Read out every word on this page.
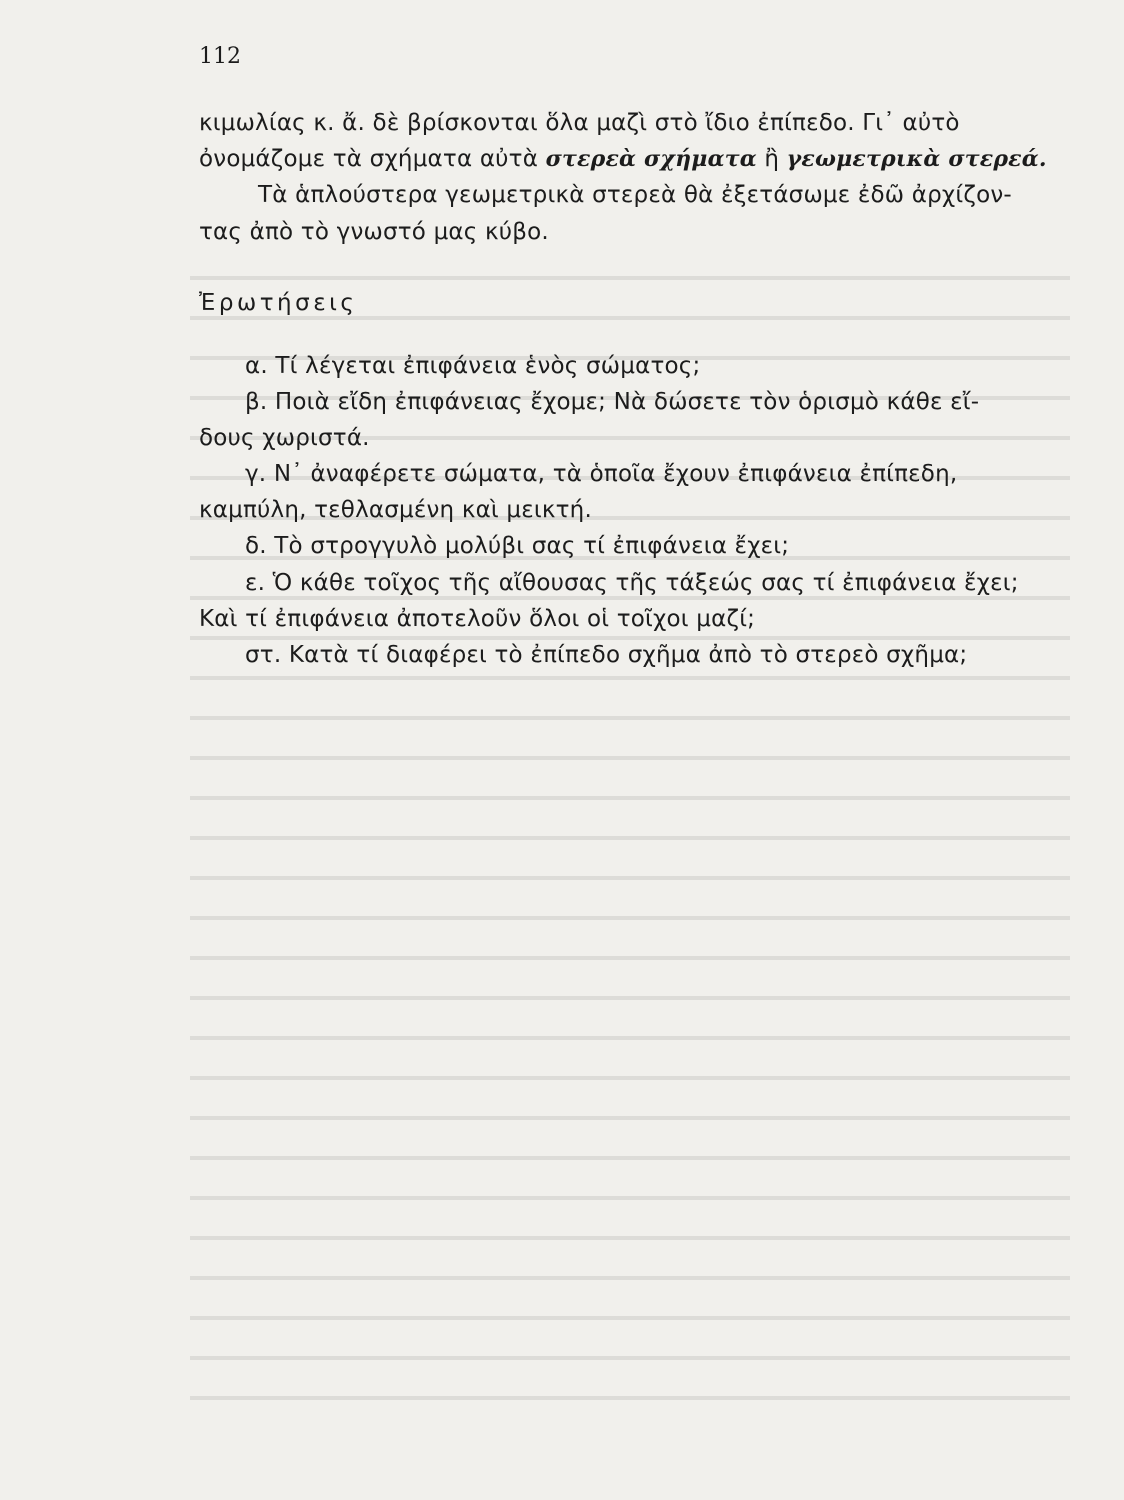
112
κιμωλίας κ. ἄ. δὲ βρίσκονται ὅλα μαζὶ στὸ ἴδιο ἐπίπεδο. Γι᾿ αὐτὸ
ὀνομάζομε τὰ σχήματα αὐτὰ στερεὰ σχήματα ἢ γεωμετρικὰ στερεά.
Τὰ ἁπλούστερα γεωμετρικὰ στερεὰ θὰ ἐξετάσωμε ἐδῶ ἀρχίζον-
τας ἀπὸ τὸ γνωστό μας κύβο.
Ἐρωτήσεις
α. Τί λέγεται ἐπιφάνεια ἑνὸς σώματος;
β. Ποιὰ εἴδη ἐπιφάνειας ἔχομε; Νὰ δώσετε τὸν ὁρισμὸ κάθε εἴ-
δους χωριστά.
γ. Ν᾿ ἀναφέρετε σώματα, τὰ ὁποῖα ἔχουν ἐπιφάνεια ἐπίπεδη,
καμπύλη, τεθλασμένη καὶ μεικτή.
δ. Τὸ στρογγυλὸ μολύβι σας τί ἐπιφάνεια ἔχει;
ε. Ὁ κάθε τοῖχος τῆς αἴθουσας τῆς τάξεώς σας τί ἐπιφάνεια ἔχει;
Καὶ τί ἐπιφάνεια ἀποτελοῦν ὅλοι οἱ τοῖχοι μαζί;
στ. Κατὰ τί διαφέρει τὸ ἐπίπεδο σχῆμα ἀπὸ τὸ στερεὸ σχῆμα;
